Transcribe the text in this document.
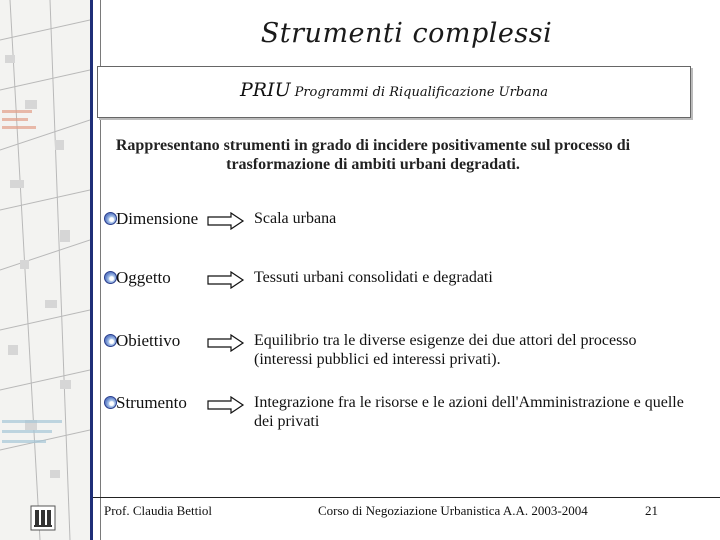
Strumenti complessi
PRIU Programmi di Riqualificazione Urbana
Rappresentano strumenti in grado di incidere positivamente sul processo di trasformazione di ambiti urbani degradati.
Dimensione	Scala urbana
Oggetto	Tessuti urbani consolidati e degradati
Obiettivo	Equilibrio tra le diverse esigenze dei due attori del processo (interessi pubblici ed interessi privati).
Strumento	Integrazione fra le risorse e le azioni dell'Amministrazione e quelle dei privati
Prof. Claudia Bettiol	Corso di Negoziazione Urbanistica A.A. 2003-2004	21
